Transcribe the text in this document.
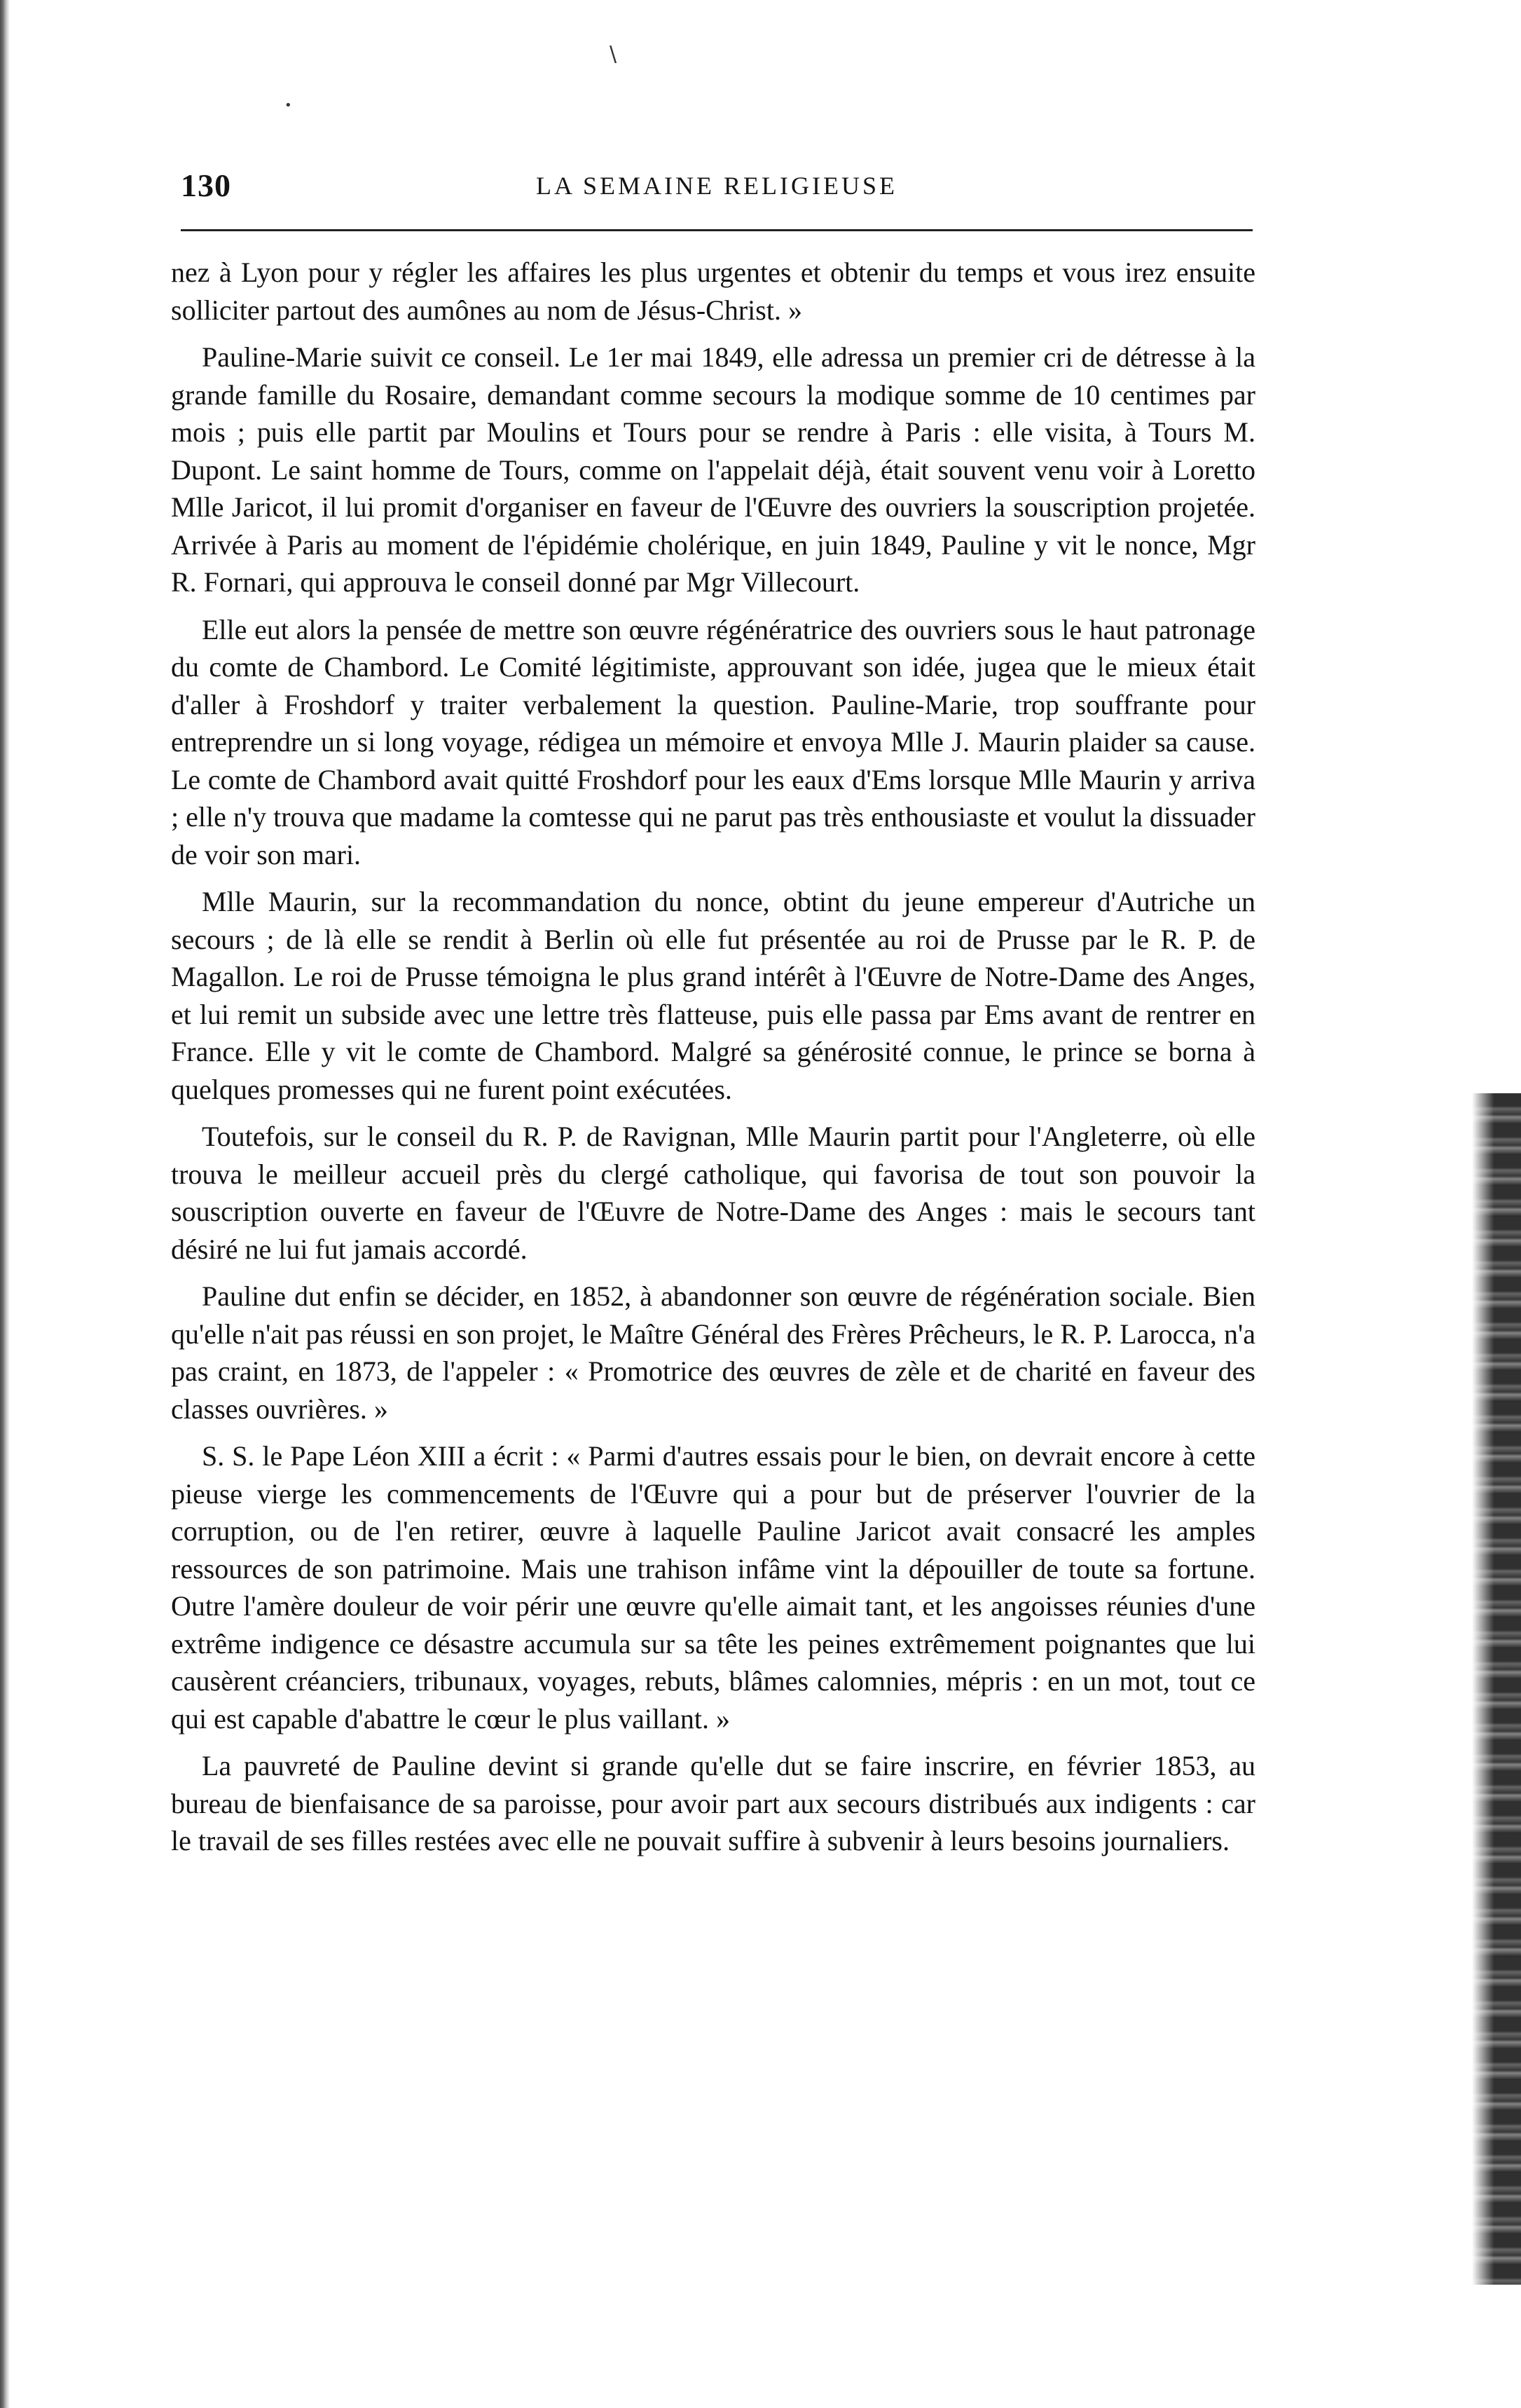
\
•
130	LA SEMAINE RELIGIEUSE

nez à Lyon pour y régler les affaires les plus urgentes et obtenir du temps et vous irez ensuite solliciter partout des aumônes au nom de Jésus-Christ. »

Pauline-Marie suivit ce conseil. Le 1er mai 1849, elle adressa un premier cri de détresse à la grande famille du Rosaire, demandant comme secours la modique somme de 10 centimes par mois ; puis elle partit par Moulins et Tours pour se rendre à Paris : elle visita, à Tours M. Dupont. Le saint homme de Tours, comme on l'appelait déjà, était souvent venu voir à Loretto Mlle Jaricot, il lui promit d'organiser en faveur de l'Œuvre des ouvriers la souscription projetée. Arrivée à Paris au moment de l'épidémie cholérique, en juin 1849, Pauline y vit le nonce, Mgr R. Fornari, qui approuva le conseil donné par Mgr Villecourt.

Elle eut alors la pensée de mettre son œuvre régénératrice des ouvriers sous le haut patronage du comte de Chambord. Le Comité légitimiste, approuvant son idée, jugea que le mieux était d'aller à Froshdorf y traiter verbalement la question. Pauline-Marie, trop souffrante pour entreprendre un si long voyage, rédigea un mémoire et envoya Mlle J. Maurin plaider sa cause. Le comte de Chambord avait quitté Froshdorf pour les eaux d'Ems lorsque Mlle Maurin y arriva ; elle n'y trouva que madame la comtesse qui ne parut pas très enthousiaste et voulut la dissuader de voir son mari.

Mlle Maurin, sur la recommandation du nonce, obtint du jeune empereur d'Autriche un secours ; de là elle se rendit à Berlin où elle fut présentée au roi de Prusse par le R. P. de Magallon. Le roi de Prusse témoigna le plus grand intérêt à l'Œuvre de Notre-Dame des Anges, et lui remit un subside avec une lettre très flatteuse, puis elle passa par Ems avant de rentrer en France. Elle y vit le comte de Chambord. Malgré sa générosité connue, le prince se borna à quelques promesses qui ne furent point exécutées.

Toutefois, sur le conseil du R. P. de Ravignan, Mlle Maurin partit pour l'Angleterre, où elle trouva le meilleur accueil près du clergé catholique, qui favorisa de tout son pouvoir la souscription ouverte en faveur de l'Œuvre de Notre-Dame des Anges : mais le secours tant désiré ne lui fut jamais accordé.

Pauline dut enfin se décider, en 1852, à abandonner son œuvre de régénération sociale. Bien qu'elle n'ait pas réussi en son projet, le Maître Général des Frères Prêcheurs, le R. P. Larocca, n'a pas craint, en 1873, de l'appeler : « Promotrice des œuvres de zèle et de charité en faveur des classes ouvrières. »

S. S. le Pape Léon XIII a écrit : « Parmi d'autres essais pour le bien, on devrait encore à cette pieuse vierge les commencements de l'Œuvre qui a pour but de préserver l'ouvrier de la corruption, ou de l'en retirer, œuvre à laquelle Pauline Jaricot avait consacré les amples ressources de son patrimoine. Mais une trahison infâme vint la dépouiller de toute sa fortune. Outre l'amère douleur de voir périr une œuvre qu'elle aimait tant, et les angoisses réunies d'une extrême indigence ce désastre accumula sur sa tête les peines extrêmement poignantes que lui causèrent créanciers, tribunaux, voyages, rebuts, blâmes calomnies, mépris : en un mot, tout ce qui est capable d'abattre le cœur le plus vaillant. »

La pauvreté de Pauline devint si grande qu'elle dut se faire inscrire, en février 1853, au bureau de bienfaisance de sa paroisse, pour avoir part aux secours distribués aux indigents : car le travail de ses filles restées avec elle ne pouvait suffire à subvenir à leurs besoins journaliers.
